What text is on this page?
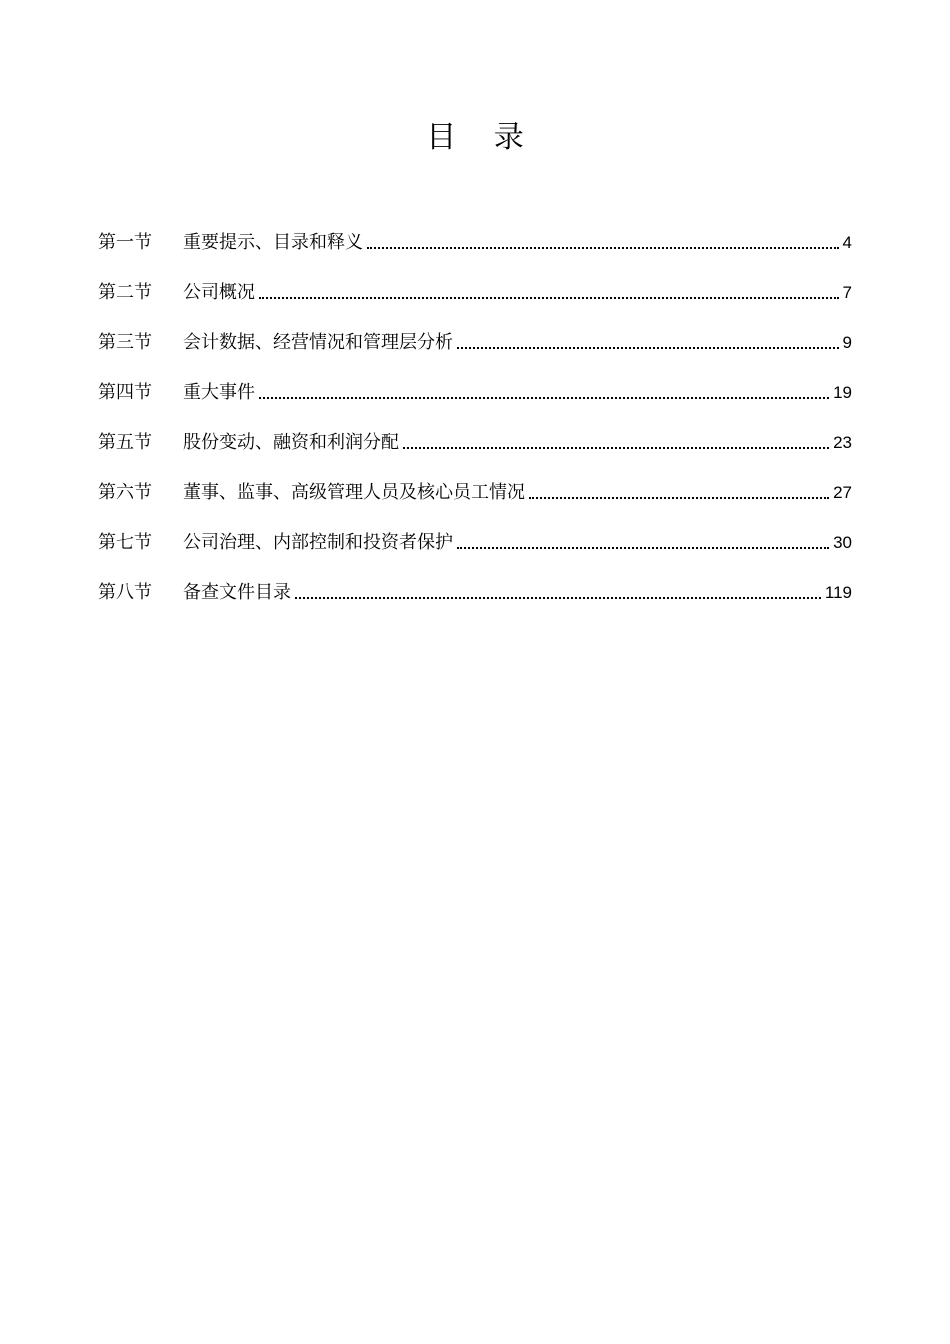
目 录
第一节	重要提示、目录和释义	4
第二节	公司概况	7
第三节	会计数据、经营情况和管理层分析	9
第四节	重大事件	19
第五节	股份变动、融资和利润分配	23
第六节	董事、监事、高级管理人员及核心员工情况	27
第七节	公司治理、内部控制和投资者保护	30
第八节	备查文件目录	119
